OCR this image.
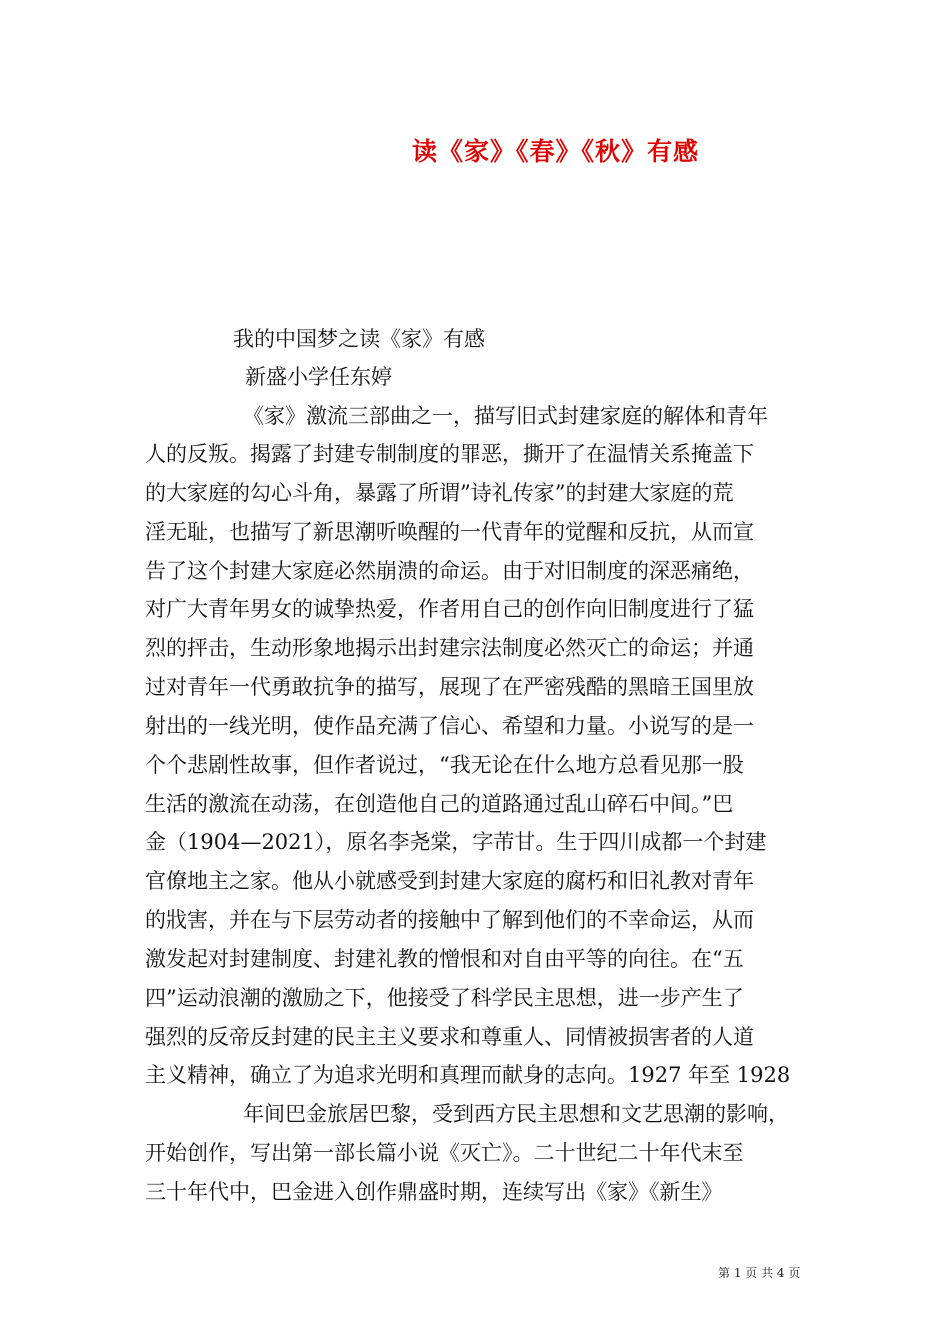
读《家》《春》《秋》有感
我的中国梦之读《家》有感
新盛小学任东婷
《家》激流三部曲之一，描写旧式封建家庭的解体和青年
人的反叛。揭露了封建专制制度的罪恶，撕开了在温情关系掩盖下
的大家庭的勾心斗角，暴露了所谓”诗礼传家”的封建大家庭的荒
淫无耻，也描写了新思潮听唤醒的一代青年的觉醒和反抗，从而宣
告了这个封建大家庭必然崩溃的命运。由于对旧制度的深恶痛绝，
对广大青年男女的诚挚热爱，作者用自己的创作向旧制度进行了猛
烈的抨击，生动形象地揭示出封建宗法制度必然灭亡的命运；并通
过对青年一代勇敢抗争的描写，展现了在严密残酷的黑暗王国里放
射出的一线光明，使作品充满了信心、希望和力量。小说写的是一
个个悲剧性故事，但作者说过，“我无论在什么地方总看见那一股
生活的激流在动荡，在创造他自己的道路通过乱山碎石中间。”巴
金（1904—2021），原名李尧棠，字芾甘。生于四川成都一个封建
官僚地主之家。他从小就感受到封建大家庭的腐朽和旧礼教对青年
的戕害，并在与下层劳动者的接触中了解到他们的不幸命运，从而
激发起对封建制度、封建礼教的憎恨和对自由平等的向往。在“五
四”运动浪潮的激励之下，他接受了科学民主思想，进一步产生了
强烈的反帝反封建的民主主义要求和尊重人、同情被损害者的人道
主义精神，确立了为追求光明和真理而献身的志向。1927 年至 1928
年间巴金旅居巴黎，受到西方民主思想和文艺思潮的影响，
开始创作，写出第一部长篇小说《灭亡》。二十世纪二十年代末至
三十年代中，巴金进入创作鼎盛时期，连续写出《家》《新生》
第 1 页 共 4 页
